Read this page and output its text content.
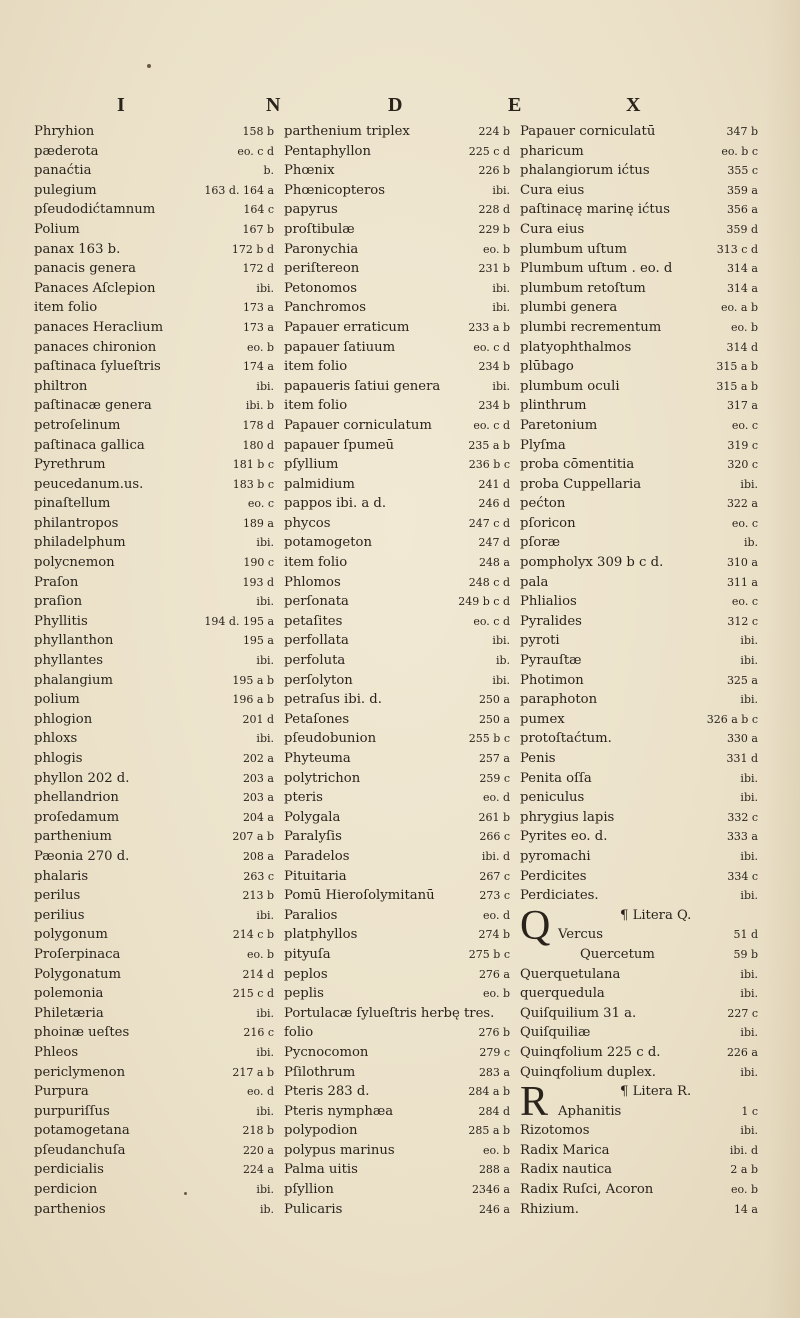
I	N	D	E	X
Phryhion	158 b
pæderota	eo. c d
panaćtia	b.
pulegium	163 d. 164 a
pſeudodićtamnum	164 c
Polium	167 b
panax 163 b.	172 b d
panacis genera	172 d
Panaces Aſclepion	ibi.
item folio	173 a
panaces Heraclium	173 a
panaces chironion	eo. b
paſtinaca ſylueſtris	174 a
philtron	ibi.
paſtinacæ genera	ibi. b
petroſelinum	178 d
paſtinaca gallica	180 d
Pyrethrum	181 b c
peucedanum.us.	183 b c
pinaſtellum	eo. c
philantropos	189 a
philadelphum	ibi.
polycnemon	190 c
Praſon	193 d
praſion	ibi.
Phyllitis	194 d. 195 a
phyllanthon	195 a
phyllantes	ibi.
phalangium	195 a b
polium	196 a b
phlogion	201 d
phloxs	ibi.
phlogis	202 a
phyllon 202 d.	203 a
phellandrion	203 a
proſedamum	204 a
parthenium	207 a b
Pæonia 270 d.	208 a
phalaris	263 c
perilus	213 b
perilius	ibi.
polygonum	214 c b
Proſerpinaca	eo. b
Polygonatum	214 d
polemonia	215 c d
Philetæria	ibi.
phoinæ ueſtes	216 c
Phleos	ibi.
periclymenon	217 a b
Purpura	eo. d
purpuriſſus	ibi.
potamogetana	218 b
pſeudanchuſa	220 a
perdicialis	224 a
perdicion	ibi.
parthenios	ib.
parthenium triplex	224 b
Pentaphyllon	225 c d
Phœnix	226 b
Phœnicopteros	ibi.
papyrus	228 d
proſtibulæ	229 b
Paronychia	eo. b
periſtereon	231 b
Petonomos	ibi.
Panchromos	ibi.
Papauer erraticum	233 a b
papauer ſatiuum	eo. c d
item folio	234 b
papaueris ſatiui genera	ibi.
item folio	234 b
Papauer corniculatum	eo. c d
papauer ſpumeū	235 a b
pſyllium	236 b c
palmidium	241 d
pappos ibi. a d.	246 d
phycos	247 c d
potamogeton	247 d
item folio	248 a
Phlomos	248 c d
perſonata	249 b c d
petaſites	eo. c d
perfollata	ibi.
perfoluta	ib.
perſolyton	ibi.
petraſus ibi. d.	250 a
Petaſones	250 a
pſeudobunion	255 b c
Phyteuma	257 a
polytrichon	259 c
pteris	eo. d
Polygala	261 b
Paralyſis	266 c
Paradelos	ibi. d
Pituitaria	267 c
Pomū Hieroſolymitanū	273 c
Paralios	eo. d
platphyllos	274 b
pityuſa	275 b c
peplos	276 a
peplis	eo. b
Portulacæ ſylueſtris herbę tres.
folio	276 b
Pycnocomon	279 c
Pſilothrum	283 a
Pteris 283 d.	284 a b
Pteris nymphæa	284 d
polypodion	285 a b
polypus marinus	eo. b
Palma uitis	288 a
pſyllion	2346 a
Pulicaris	246 a
Papauer corniculatū	347 b
pharicum	eo. b c
phalangiorum ićtus	355 c
Cura eius	359 a
paſtinacę marinę ićtus	356 a
Cura eius	359 d
plumbum uſtum	313 c d
Plumbum uſtum . eo. d	314 a
plumbum retoſtum	314 a
plumbi genera	eo. a b
plumbi recrementum	eo. b
platyophthalmos	314 d
plūbago	315 a b
plumbum oculi	315 a b
plinthrum	317 a
Paretonium	eo. c
Plyſma	319 c
proba cōmentitia	320 c
proba Cuppellaria	ibi.
pećton	322 a
pſoricon	eo. c
pſoræ	ib.
pompholyx 309 b c d.	310 a
pala	311 a
Phlialios	eo. c
Pyralides	312 c
pyroti	ibi.
Pyrauſtæ	ibi.
Photimon	325 a
paraphoton	ibi.
pumex	326 a b c
protoſtaćtum.	330 a
Penis	331 d
Penita oſſa	ibi.
peniculus	ibi.
phrygius lapis	332 c
Pyrites eo. d.	333 a
pyromachi	ibi.
Perdicites	334 c
Perdiciates.	ibi.
Q	¶ Litera Q.
Vercus	51 d
Quercetum	59 b
Querquetulana	ibi.
querquedula	ibi.
Quiſquilium 31 a.	227 c
Quiſquiliæ	ibi.
Quinqfolium 225 c d.	226 a
Quinqfolium duplex.	ibi.
R	¶ Litera R.
Aphanitis	1 c
Rizotomos	ibi.
Radix Marica	ibi. d
Radix nautica	2 a b
Radix Ruſci, Acoron	eo. b
Rhizium.	14 a
